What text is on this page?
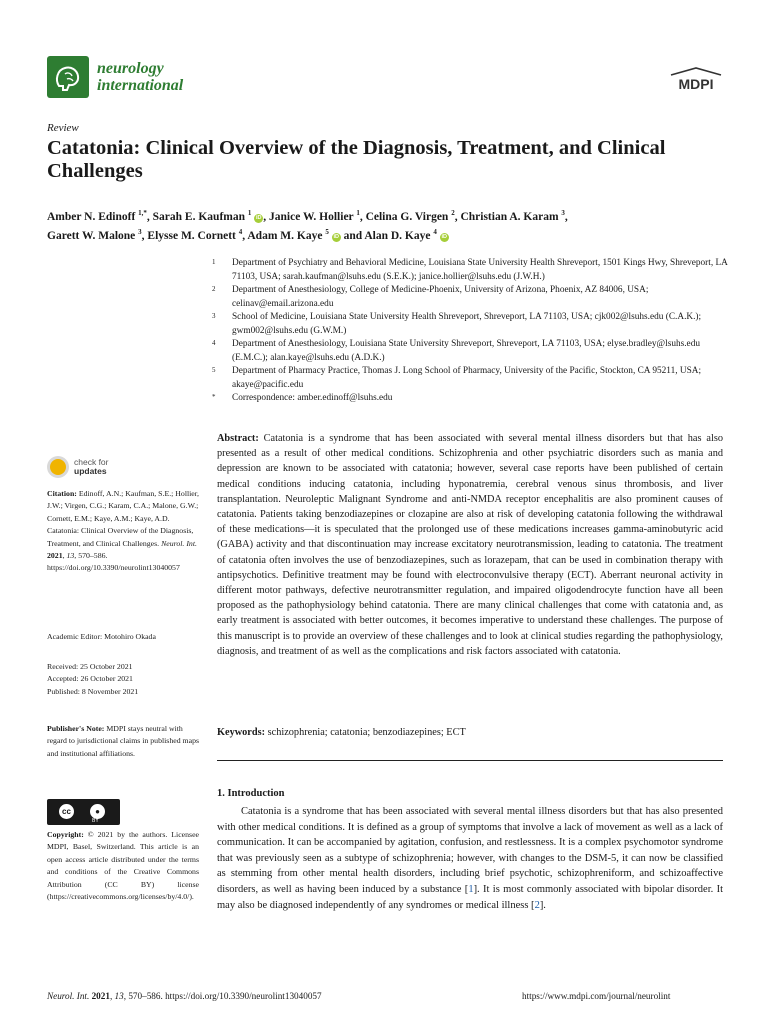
neurology
international	MDPI
Review
Catatonia: Clinical Overview of the Diagnosis, Treatment, and Clinical Challenges
Amber N. Edinoff $^{1,*}$, Sarah E. Kaufman $^1$ iD , Janice W. Hollier $^1$, Celina G. Virgen $^2$, Christian A. Karam $^3$,
Garett W. Malone $^3$, Elysse M. Cornett $^4$, Adam M. Kaye $^5$ iD and Alan D. Kaye $^4$ iD
1	Department of Psychiatry and Behavioral Medicine, Louisiana State University Health Shreveport, 1501 Kings Hwy, Shreveport, LA 71103, USA; sarah.kaufman@lsuhs.edu (S.E.K.); janice.hollier@lsuhs.edu (J.W.H.)
2	Department of Anesthesiology, College of Medicine-Phoenix, University of Arizona, Phoenix, AZ 84006, USA; celinav@email.arizona.edu
3	School of Medicine, Louisiana State University Health Shreveport, Shreveport, LA 71103, USA; cjk002@lsuhs.edu (C.A.K.); gwm002@lsuhs.edu (G.W.M.)
4	Department of Anesthesiology, Louisiana State University Shreveport, Shreveport, LA 71103, USA; elyse.bradley@lsuhs.edu (E.M.C.); alan.kaye@lsuhs.edu (A.D.K.)
5	Department of Pharmacy Practice, Thomas J. Long School of Pharmacy, University of the Pacific, Stockton, CA 95211, USA; akaye@pacific.edu
*	Correspondence: amber.edinoff@lsuhs.edu
Abstract: Catatonia is a syndrome that has been associated with several mental illness disorders but that has also presented as a result of other medical conditions. Schizophrenia and other psychiatric disorders such as mania and depression are known to be associated with catatonia; however, several case reports have been published of certain medical conditions inducing catatonia, including hyponatremia, cerebral venous sinus thrombosis, and liver transplantation. Neuroleptic Malignant Syndrome and anti-NMDA receptor encephalitis are also prominent causes of catatonia. Patients taking benzodiazepines or clozapine are also at risk of developing catatonia following the withdrawal of these medications—it is speculated that the prolonged use of these medications increases gamma-aminobutyric acid (GABA) activity and that discontinuation may increase excitatory neurotransmission, leading to catatonia. The treatment of catatonia often involves the use of benzodiazepines, such as lorazepam, that can be used in combination therapy with antipsychotics. Definitive treatment may be found with electroconvulsive therapy (ECT). Aberrant neuronal activity in different motor pathways, defective neurotransmitter regulation, and impaired oligodendrocyte function have all been proposed as the pathophysiology behind catatonia. There are many clinical challenges that come with catatonia and, as early treatment is associated with better outcomes, it becomes imperative to understand these challenges. The purpose of this manuscript is to provide an overview of these challenges and to look at clinical studies regarding the pathophysiology, diagnosis, and treatment of as well as the complications and risk factors associated with catatonia.
Keywords: schizophrenia; catatonia; benzodiazepines; ECT
1. Introduction
Catatonia is a syndrome that has been associated with several mental illness disorders but that has also presented with other medical conditions. It is defined as a group of symptoms that involve a lack of movement as well as a lack of communication. It can be accompanied by agitation, confusion, and restlessness. It is a complex psychomotor syndrome that was previously seen as a subtype of schizophrenia; however, with changes to the DSM-5, it can now be classified as stemming from other mental health disorders, including brief psychotic, schizophreniform, and schizoaffective disorders, as well as having been induced by a substance [1]. It is most commonly associated with bipolar disorder. It may also be diagnosed independently of any syndromes or medical illness [2].
check for
updates
Citation: Edinoff, A.N.; Kaufman, S.E.; Hollier, J.W.; Virgen, C.G.; Karam, C.A.; Malone, G.W.; Cornett, E.M.; Kaye, A.M.; Kaye, A.D. Catatonia: Clinical Overview of the Diagnosis, Treatment, and Clinical Challenges. Neurol. Int. 2021, 13, 570–586. https://doi.org/10.3390/neurolint13040057
Academic Editor: Motohiro Okada
Received: 25 October 2021
Accepted: 26 October 2021
Published: 8 November 2021
Publisher's Note: MDPI stays neutral with regard to jurisdictional claims in published maps and institutional affiliations.
cc	●
BY
Copyright: © 2021 by the authors. Licensee MDPI, Basel, Switzerland. This article is an open access article distributed under the terms and conditions of the Creative Commons Attribution (CC BY) license (https://creativecommons.org/licenses/by/4.0/).
Neurol. Int. 2021, 13, 570–586. https://doi.org/10.3390/neurolint13040057	https://www.mdpi.com/journal/neurolint
